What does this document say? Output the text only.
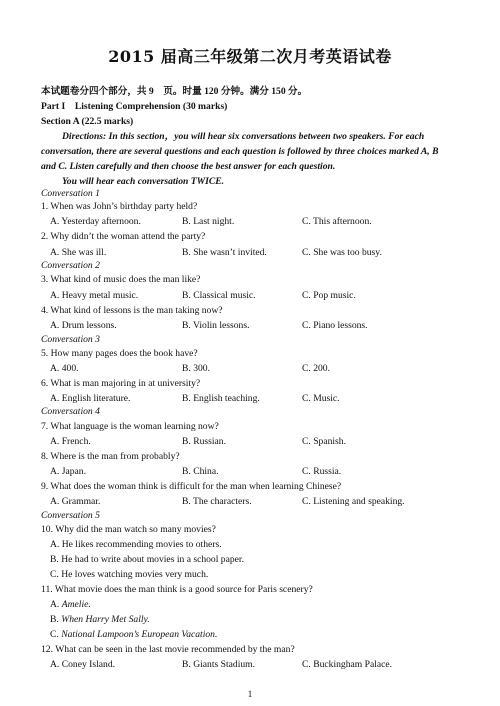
2015 届高三年级第二次月考英语试卷
本试题卷分四个部分，共 9　页。时量 120 分钟。满分 150 分。
Part I　Listening Comprehension (30 marks)
Section A (22.5 marks)
Directions: In this section，you will hear six conversations between two speakers. For each
conversation, there are several questions and each question is followed by three choices marked A, B
and C. Listen carefully and then choose the best answer for each question.
You will hear each conversation TWICE.
Conversation 1
1. When was John’s birthday party held?
A. Yesterday afternoon.	B. Last night.	C. This afternoon.
2. Why didn’t the woman attend the party?
A. She was ill.	B. She wasn’t invited.	C. She was too busy.
Conversation 2
3. What kind of music does the man like?
A. Heavy metal music.	B. Classical music.	C. Pop music.
4. What kind of lessons is the man taking now?
A. Drum lessons.	B. Violin lessons.	C. Piano lessons.
Conversation 3
5. How many pages does the book have?
A. 400.	B. 300.	C. 200.
6. What is man majoring in at university?
A. English literature.	B. English teaching.	C. Music.
Conversation 4
7. What language is the woman learning now?
A. French.	B. Russian.	C. Spanish.
8. Where is the man from probably?
A. Japan.	B. China.	C. Russia.
9. What does the woman think is difficult for the man when learning Chinese?
A. Grammar.	B. The characters.	C. Listening and speaking.
Conversation 5
10. Why did the man watch so many movies?
A. He likes recommending movies to others.
B. He had to write about movies in a school paper.
C. He loves watching movies very much.
11. What movie does the man think is a good source for Paris scenery?
A. Amelie.
B. When Harry Met Sally.
C. National Lampoon’s European Vacation.
12. What can be seen in the last movie recommended by the man?
A. Coney Island.	B. Giants Stadium.	C. Buckingham Palace.
1
